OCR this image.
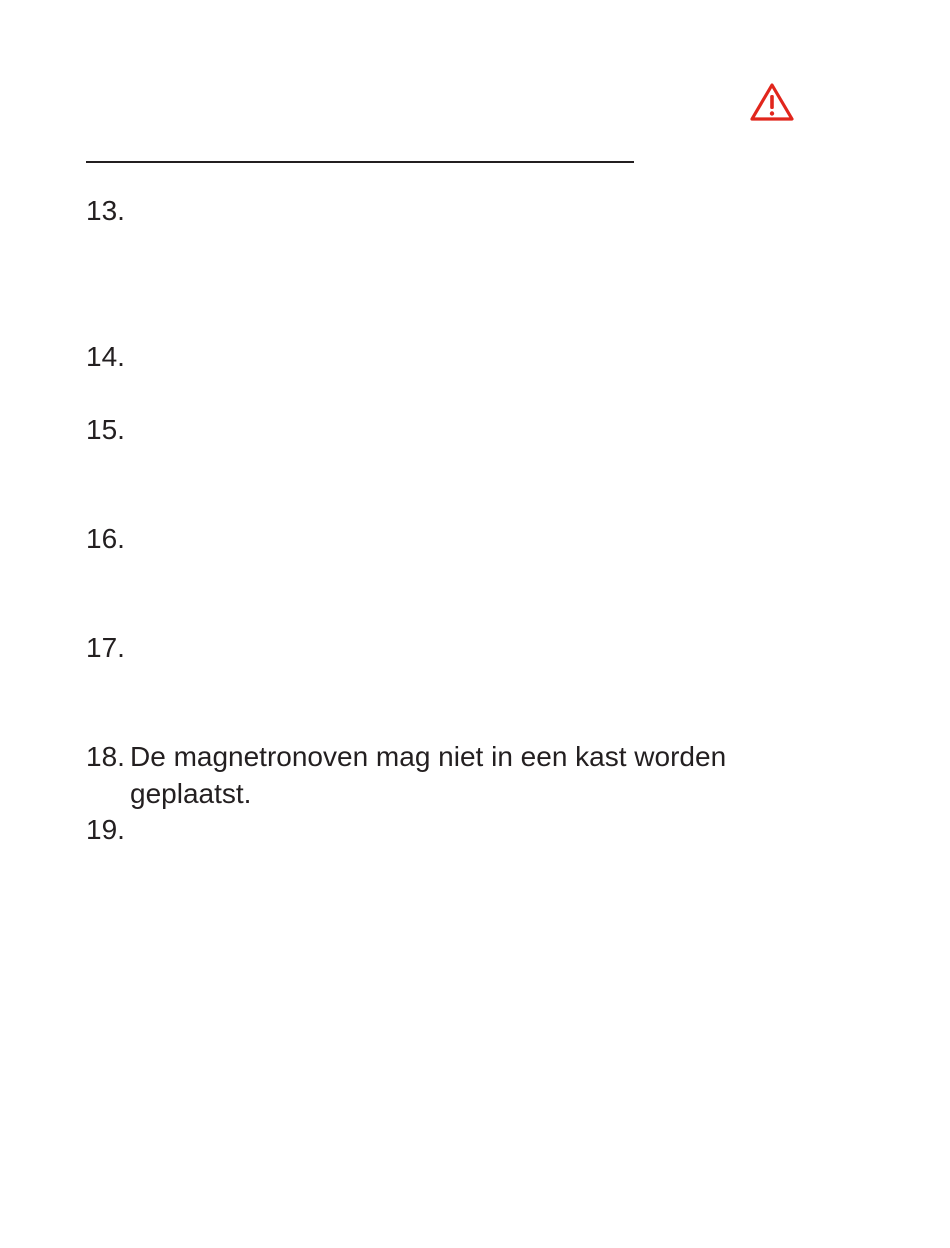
13.
14.
15.
16.
17.
18. De magnetronoven mag niet in een kast worden geplaatst.
19.
